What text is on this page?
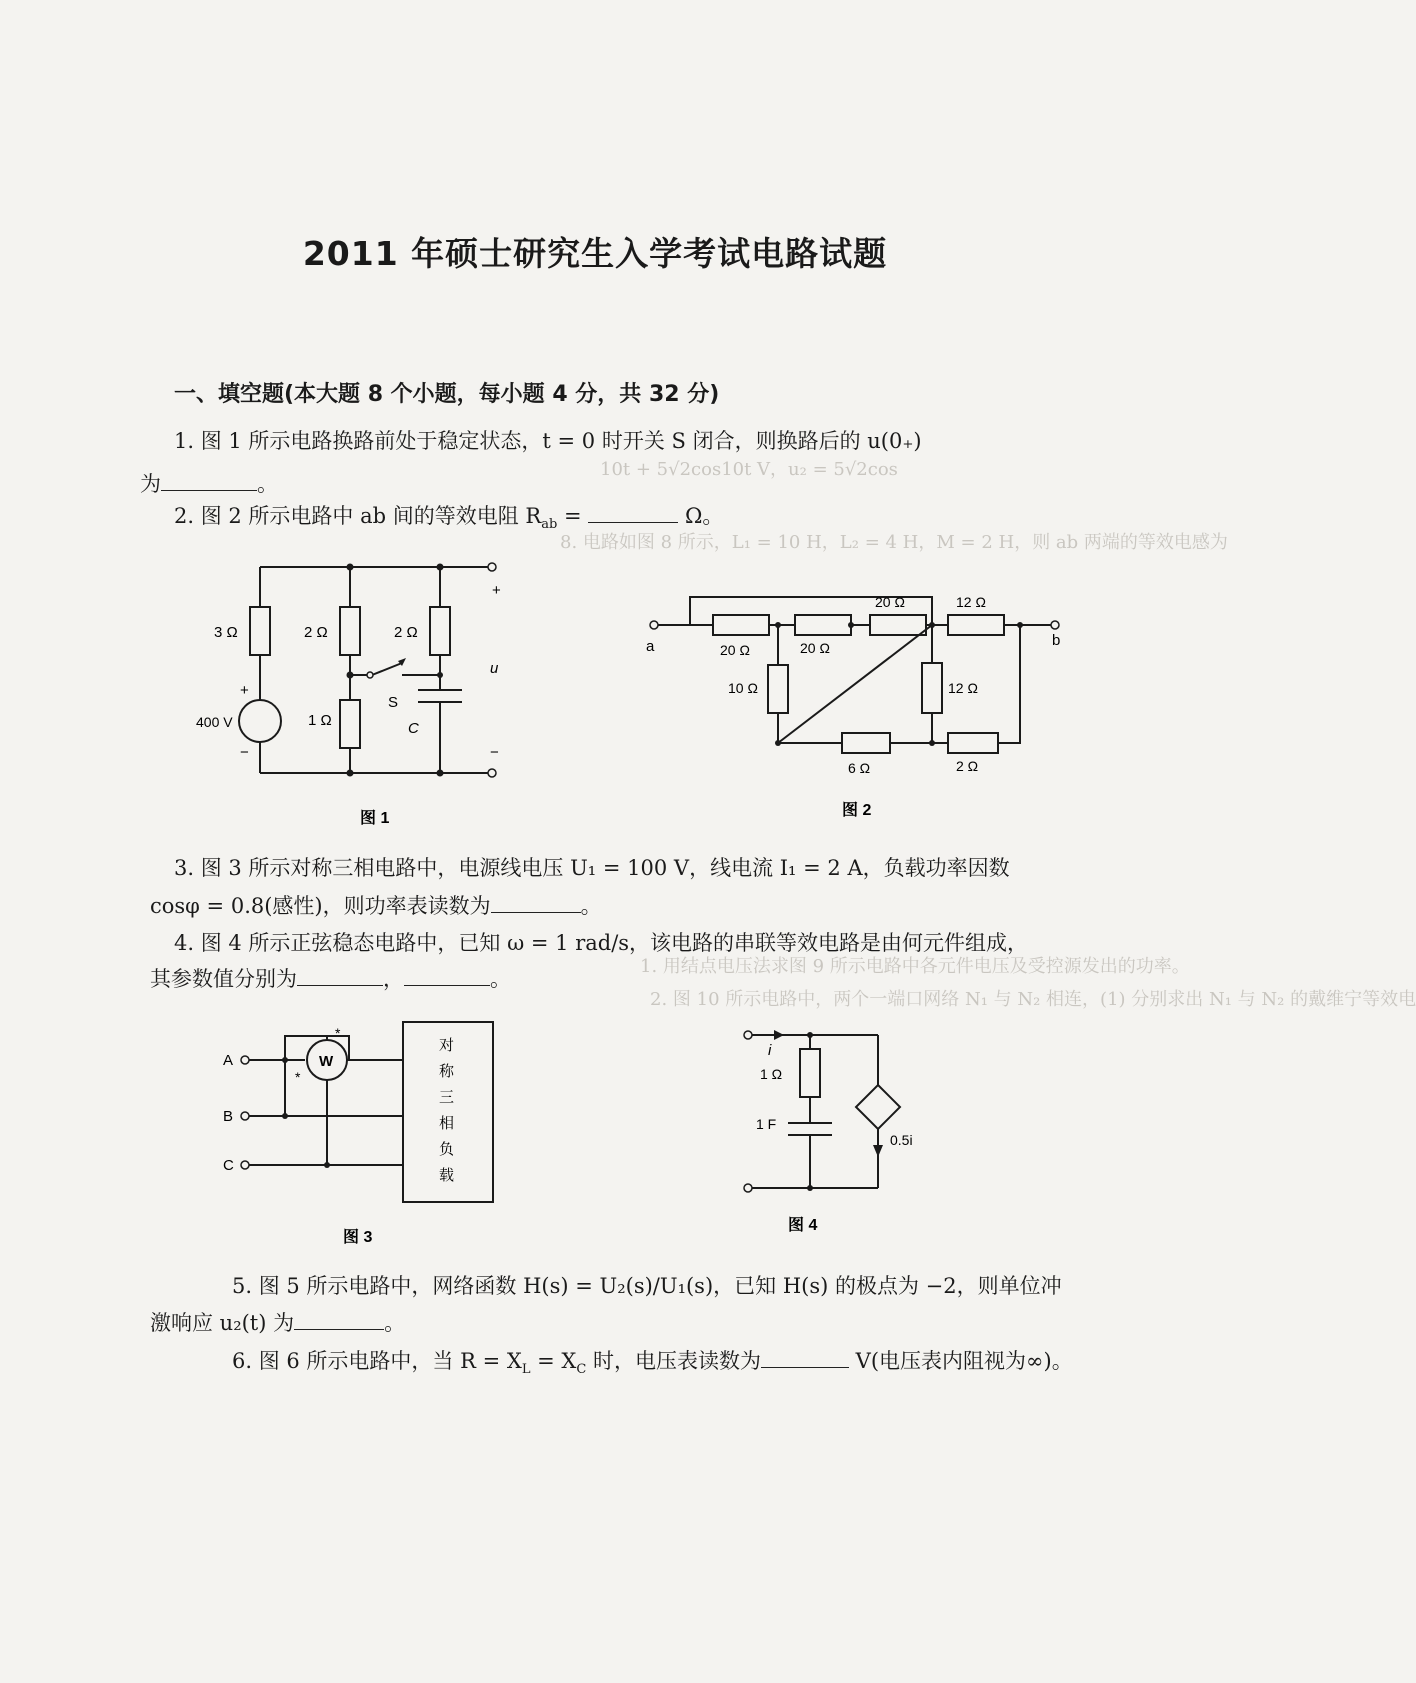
10t + 5√2cos10t V，u₂ = 5√2cos
8. 电路如图 8 所示，L₁ = 10 H，L₂ = 4 H，M = 2 H，则 ab 两端的等效电感为
1. 用结点电压法求图 9 所示电路中各元件电压及受控源发出的功率。
2. 图 10 所示电路中，两个一端口网络 N₁ 与 N₂ 相连，(1) 分别求出 N₁ 与 N₂ 的戴维宁等效电
2011 年硕士研究生入学考试电路试题
一、填空题(本大题 8 个小题，每小题 4 分，共 32 分)
1. 图 1 所示电路换路前处于稳定状态，t = 0 时开关 S 闭合，则换路后的 u(0₊)
为	。
2. 图 2 所示电路中 ab 间的等效电阻 $R_{ab}$ =	Ω。
3 Ω	2 Ω	2 Ω
1 Ω
400 V
+
−
S
C
+
u
−
图 1
a	b
20 Ω	20 Ω
20 Ω	12 Ω
10 Ω	12 Ω
6 Ω	2 Ω
图 2
3. 图 3 所示对称三相电路中，电源线电压 U₁ = 100 V，线电流 I₁ = 2 A，负载功率因数
cosφ = 0.8(感性)，则功率表读数为	。
4. 图 4 所示正弦稳态电路中，已知 ω = 1 rad/s，该电路的串联等效电路是由何元件组成，
其参数值分别为	，	。
A
B
C
W
*
*
对
称
三
相
负
载
图 3
i
1 Ω
1 F
0.5i
图 4
5. 图 5 所示电路中，网络函数 H(s) = U₂(s)/U₁(s)，已知 H(s) 的极点为 −2，则单位冲
激响应 u₂(t) 为	。
6. 图 6 所示电路中，当 $R = X_L = X_C$ 时，电压表读数为	V(电压表内阻视为∞)。
